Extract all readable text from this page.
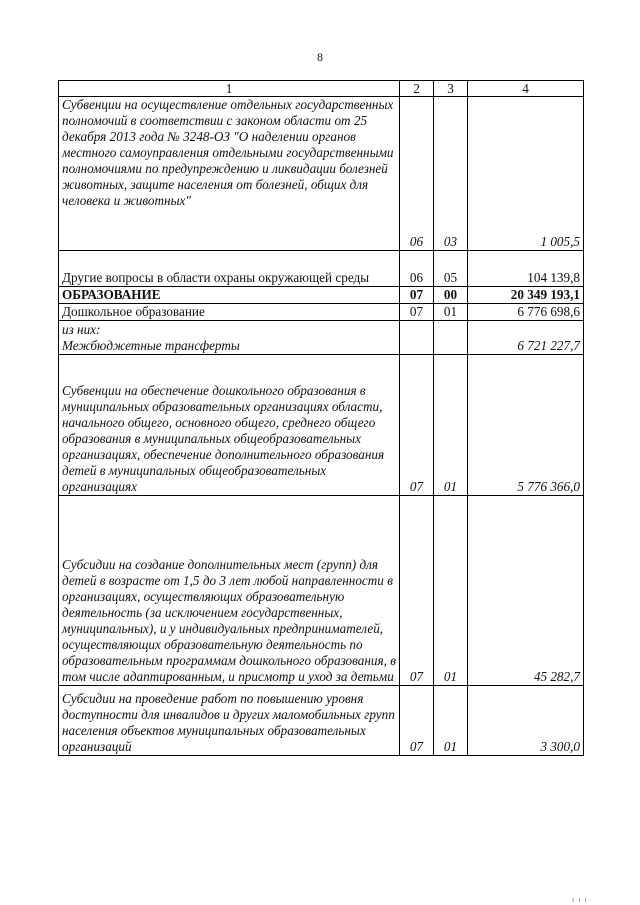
8
1	2	3	4
Субвенции на осуществление отдельных государственных полномочий в соответствии с законом области от 25 декабря 2013 года № 3248-ОЗ "О наделении органов местного самоуправления отдельными государственными полномочиями по предупреждению и ликвидации болезней животных, защите населения от болезней, общих для человека и животных"	06	03	1 005,5
Другие вопросы в области охраны окружающей среды	06	05	104 139,8
ОБРАЗОВАНИЕ	07	00	20 349 193,1
Дошкольное образование	07	01	6 776 698,6

из них:
Межбюджетные трансферты			6 721 227,7
Субвенции на обеспечение дошкольного образования в муниципальных образовательных организациях области, начального общего, основного общего, среднего общего образования в муниципальных общеобразовательных организациях, обеспечение дополнительного образования детей в муниципальных общеобразовательных организациях	07	01	5 776 366,0
Субсидии на создание дополнительных мест (групп) для детей в возрасте от 1,5 до 3 лет любой направленности в организациях, осуществляющих образовательную деятельность (за исключением государственных, муниципальных), и у индивидуальных предпринимателей, осуществляющих образовательную деятельность по образовательным программам дошкольного образования, в том числе адаптированным, и присмотр и уход за детьми	07	01	45 282,7
Субсидии на проведение работ по повышению уровня доступности для инвалидов и других маломобильных групп населения объектов муниципальных образовательных организаций	07	01	3 300,0
ı ı ı
